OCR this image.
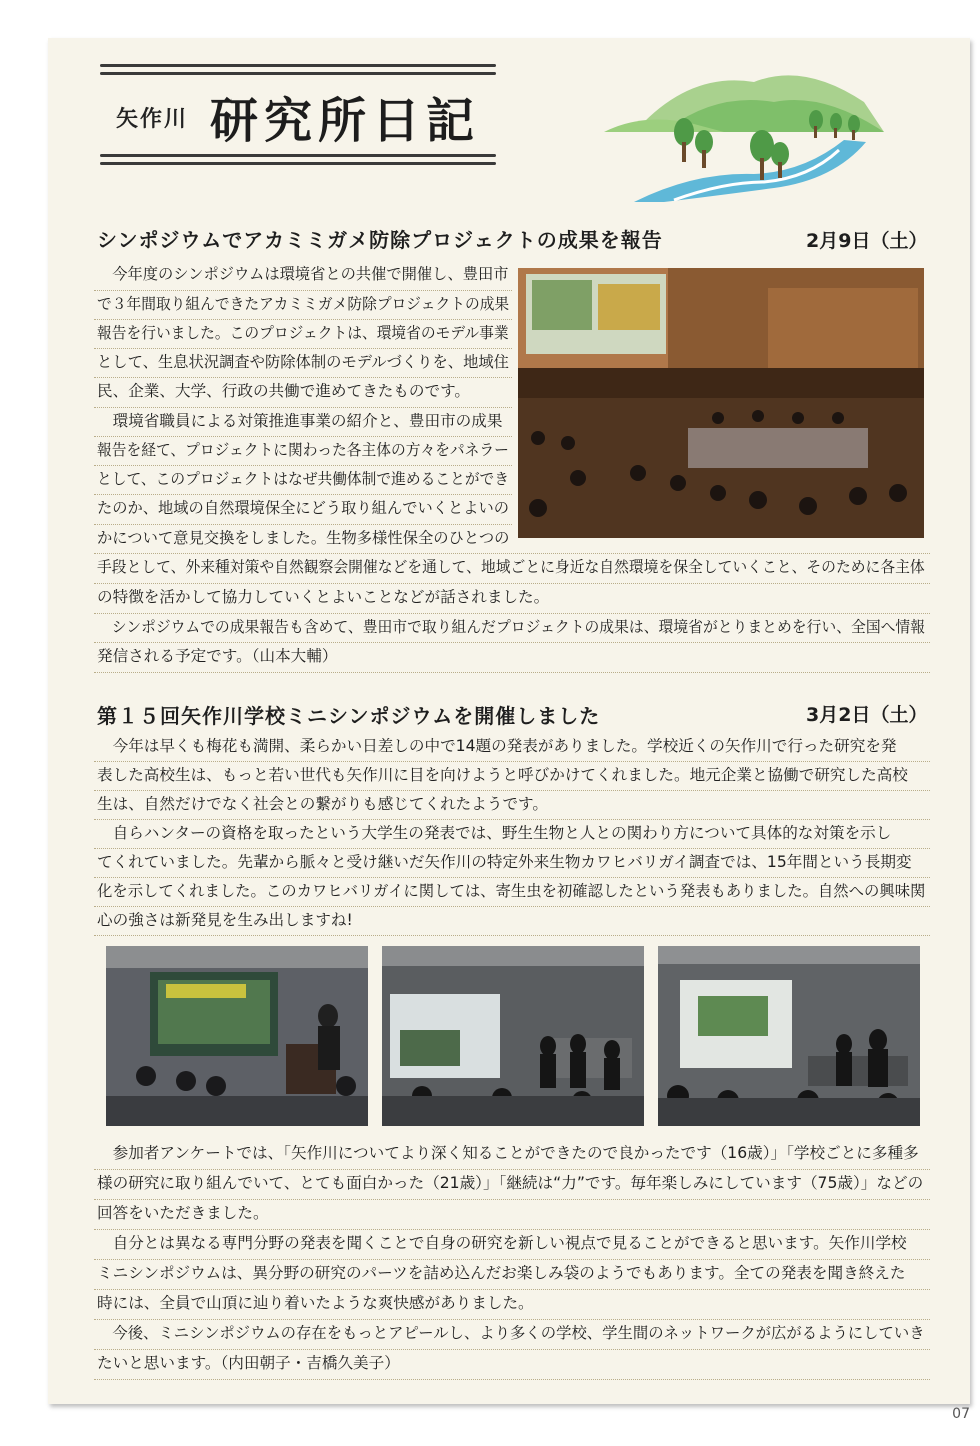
矢作川 研究所日記
シンポジウムでアカミミガメ防除プロジェクトの成果を報告	2月9日（土）
　今年度のシンポジウムは環境省との共催で開催し、豊田市
で３年間取り組んできたアカミミガメ防除プロジェクトの成果
報告を行いました。このプロジェクトは、環境省のモデル事業
として、生息状況調査や防除体制のモデルづくりを、地域住
民、企業、大学、行政の共働で進めてきたものです。
　環境省職員による対策推進事業の紹介と、豊田市の成果
報告を経て、プロジェクトに関わった各主体の方々をパネラー
として、このプロジェクトはなぜ共働体制で進めることができ
たのか、地域の自然環境保全にどう取り組んでいくとよいの
かについて意見交換をしました。生物多様性保全のひとつの
手段として、外来種対策や自然観察会開催などを通して、地域ごとに身近な自然環境を保全していくこと、そのために各主体
の特徴を活かして協力していくとよいことなどが話されました。
　シンポジウムでの成果報告も含めて、豊田市で取り組んだプロジェクトの成果は、環境省がとりまとめを行い、全国へ情報
発信される予定です。（山本大輔）
第１５回矢作川学校ミニシンポジウムを開催しました	3月2日（土）
　今年は早くも梅花も満開、柔らかい日差しの中で14題の発表がありました。学校近くの矢作川で行った研究を発
表した高校生は、もっと若い世代も矢作川に目を向けようと呼びかけてくれました。地元企業と協働で研究した高校
生は、自然だけでなく社会との繋がりも感じてくれたようです。
　自らハンターの資格を取ったという大学生の発表では、野生生物と人との関わり方について具体的な対策を示し
てくれていました。先輩から脈々と受け継いだ矢作川の特定外来生物カワヒバリガイ調査では、15年間という長期変
化を示してくれました。このカワヒバリガイに関しては、寄生虫を初確認したという発表もありました。自然への興味関
心の強さは新発見を生み出しますね!
　参加者アンケートでは、「矢作川についてより深く知ることができたので良かったです（16歳）」「学校ごとに多種多
様の研究に取り組んでいて、とても面白かった（21歳）」「継続は“力”です。毎年楽しみにしています（75歳）」などの
回答をいただきました。
　自分とは異なる専門分野の発表を聞くことで自身の研究を新しい視点で見ることができると思います。矢作川学校
ミニシンポジウムは、異分野の研究のパーツを詰め込んだお楽しみ袋のようでもあります。全ての発表を聞き終えた
時には、全員で山頂に辿り着いたような爽快感がありました。
　今後、ミニシンポジウムの存在をもっとアピールし、より多くの学校、学生間のネットワークが広がるようにしていき
たいと思います。（内田朝子・吉橋久美子）
07
